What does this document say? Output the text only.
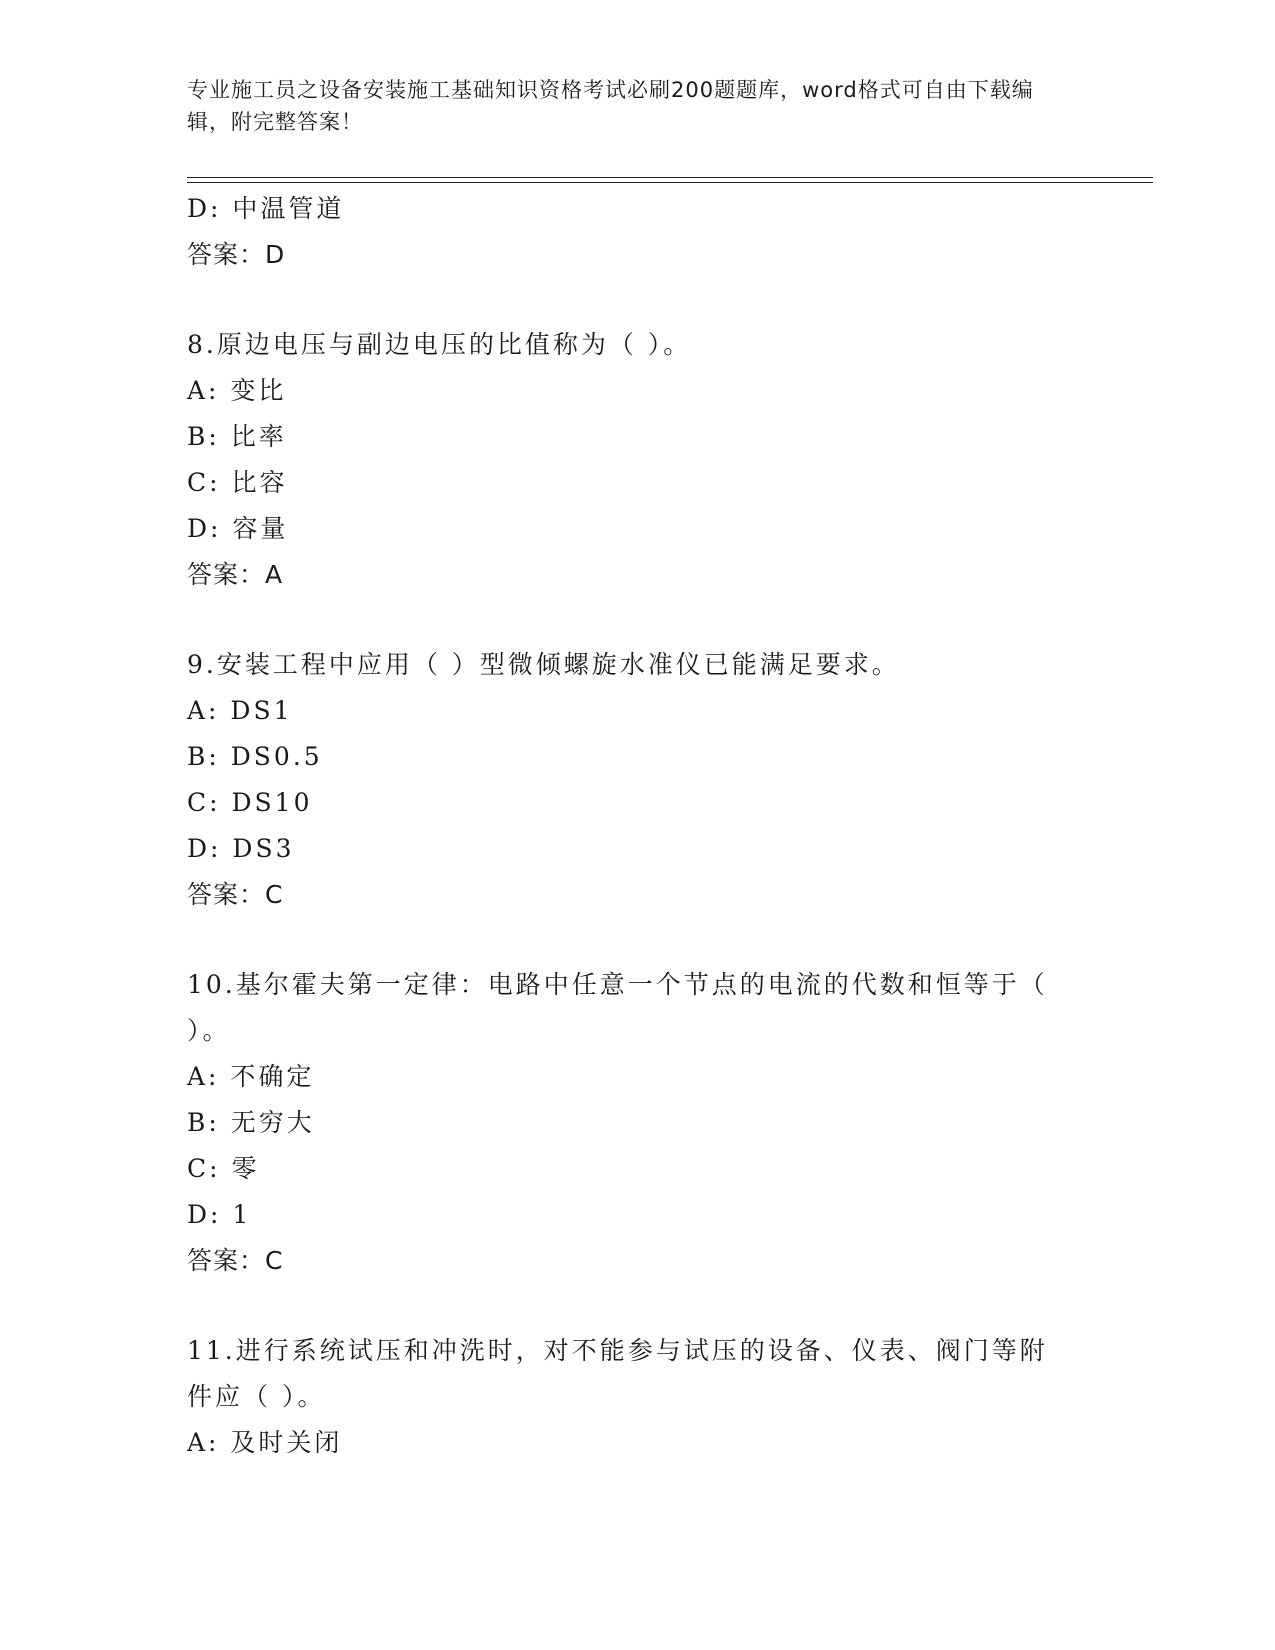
专业施工员之设备安装施工基础知识资格考试必刷200题题库，word格式可自由下载编辑，附完整答案！
D: 中温管道
答案：D
8.原边电压与副边电压的比值称为（ ）。
A: 变比
B: 比率
C: 比容
D: 容量
答案：A
9.安装工程中应用（ ）型微倾螺旋水准仪已能满足要求。
A: DS1
B: DS0.5
C: DS10
D: DS3
答案：C
10.基尔霍夫第一定律：电路中任意一个节点的电流的代数和恒等于（
）。
A: 不确定
B: 无穷大
C: 零
D: 1
答案：C
11.进行系统试压和冲洗时，对不能参与试压的设备、仪表、阀门等附
件应（ ）。
A: 及时关闭
